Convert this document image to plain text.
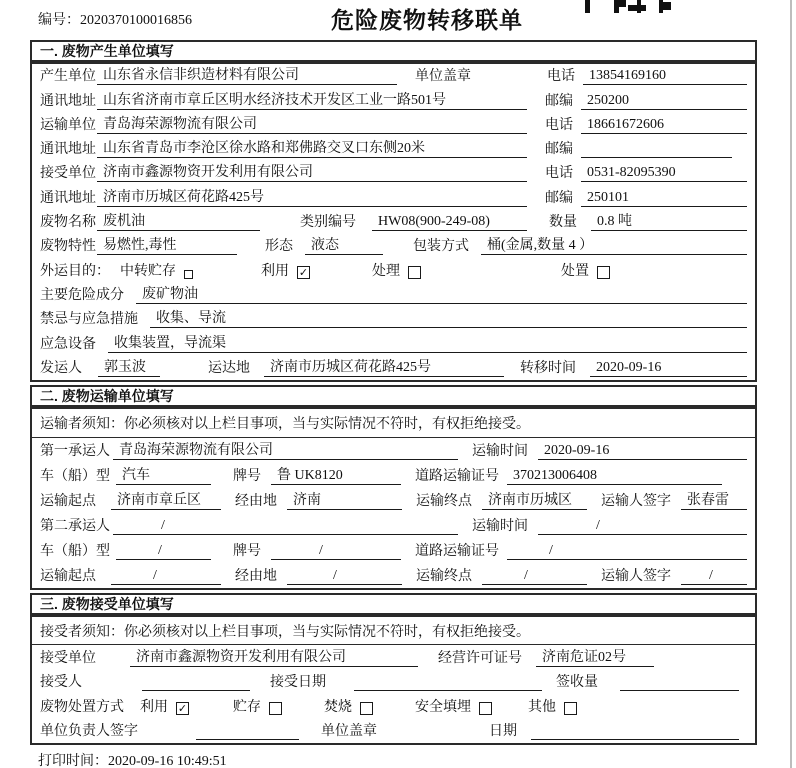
编号：2020370100016856	危险废物转移联单
一. 废物产生单位填写
产生单位 山东省永信非织造材料有限公司	单位盖章	电话	13854169160
通讯地址 山东省济南市章丘区明水经济技术开发区工业一路501号	邮编	250200
运输单位 青岛海荣源物流有限公司	电话	18661672606
通讯地址 山东省青岛市李沧区徐水路和郑佛路交叉口东侧20米	邮编
接受单位 济南市鑫源物资开发利用有限公司	电话	0531-82095390
通讯地址 济南市历城区荷花路425号	邮编	250101
废物名称 废机油	类别编号	HW08(900-249-08)	数量	0.8 吨
废物特性 易燃性,毒性	形态	液态	包装方式	桶(金属,数量 4 ）
外运目的： 中转贮存	利用 ✓	处理	处置
主要危险成分	废矿物油
禁忌与应急措施	收集、导流
应急设备	收集装置，导流渠
发运人	郭玉波	运达地	济南市历城区荷花路425号	转移时间	2020-09-16
二. 废物运输单位填写
运输者须知：你必须核对以上栏目事项，当与实际情况不符时，有权拒绝接受。
第一承运人 青岛海荣源物流有限公司	运输时间	2020-09-16
车（船）型 汽车	牌号	鲁 UK8120	道路运输证号	370213006408
运输起点	济南市章丘区	经由地	济南	运输终点	济南市历城区	运输人签字	张春雷
第二承运人	/	运输时间	/
车（船）型	/	牌号	/	道路运输证号	/
运输起点	/	经由地	/	运输终点	/	运输人签字	/
三. 废物接受单位填写
接受者须知：你必须核对以上栏目事项，当与实际情况不符时，有权拒绝接受。
接受单位	济南市鑫源物资开发利用有限公司	经营许可证号	济南危证02号
接受人	接受日期	签收量
废物处置方式 利用 ✓	贮存	焚烧	安全填埋	其他
单位负责人签字	单位盖章	日期
打印时间：2020-09-16 10:49:51
